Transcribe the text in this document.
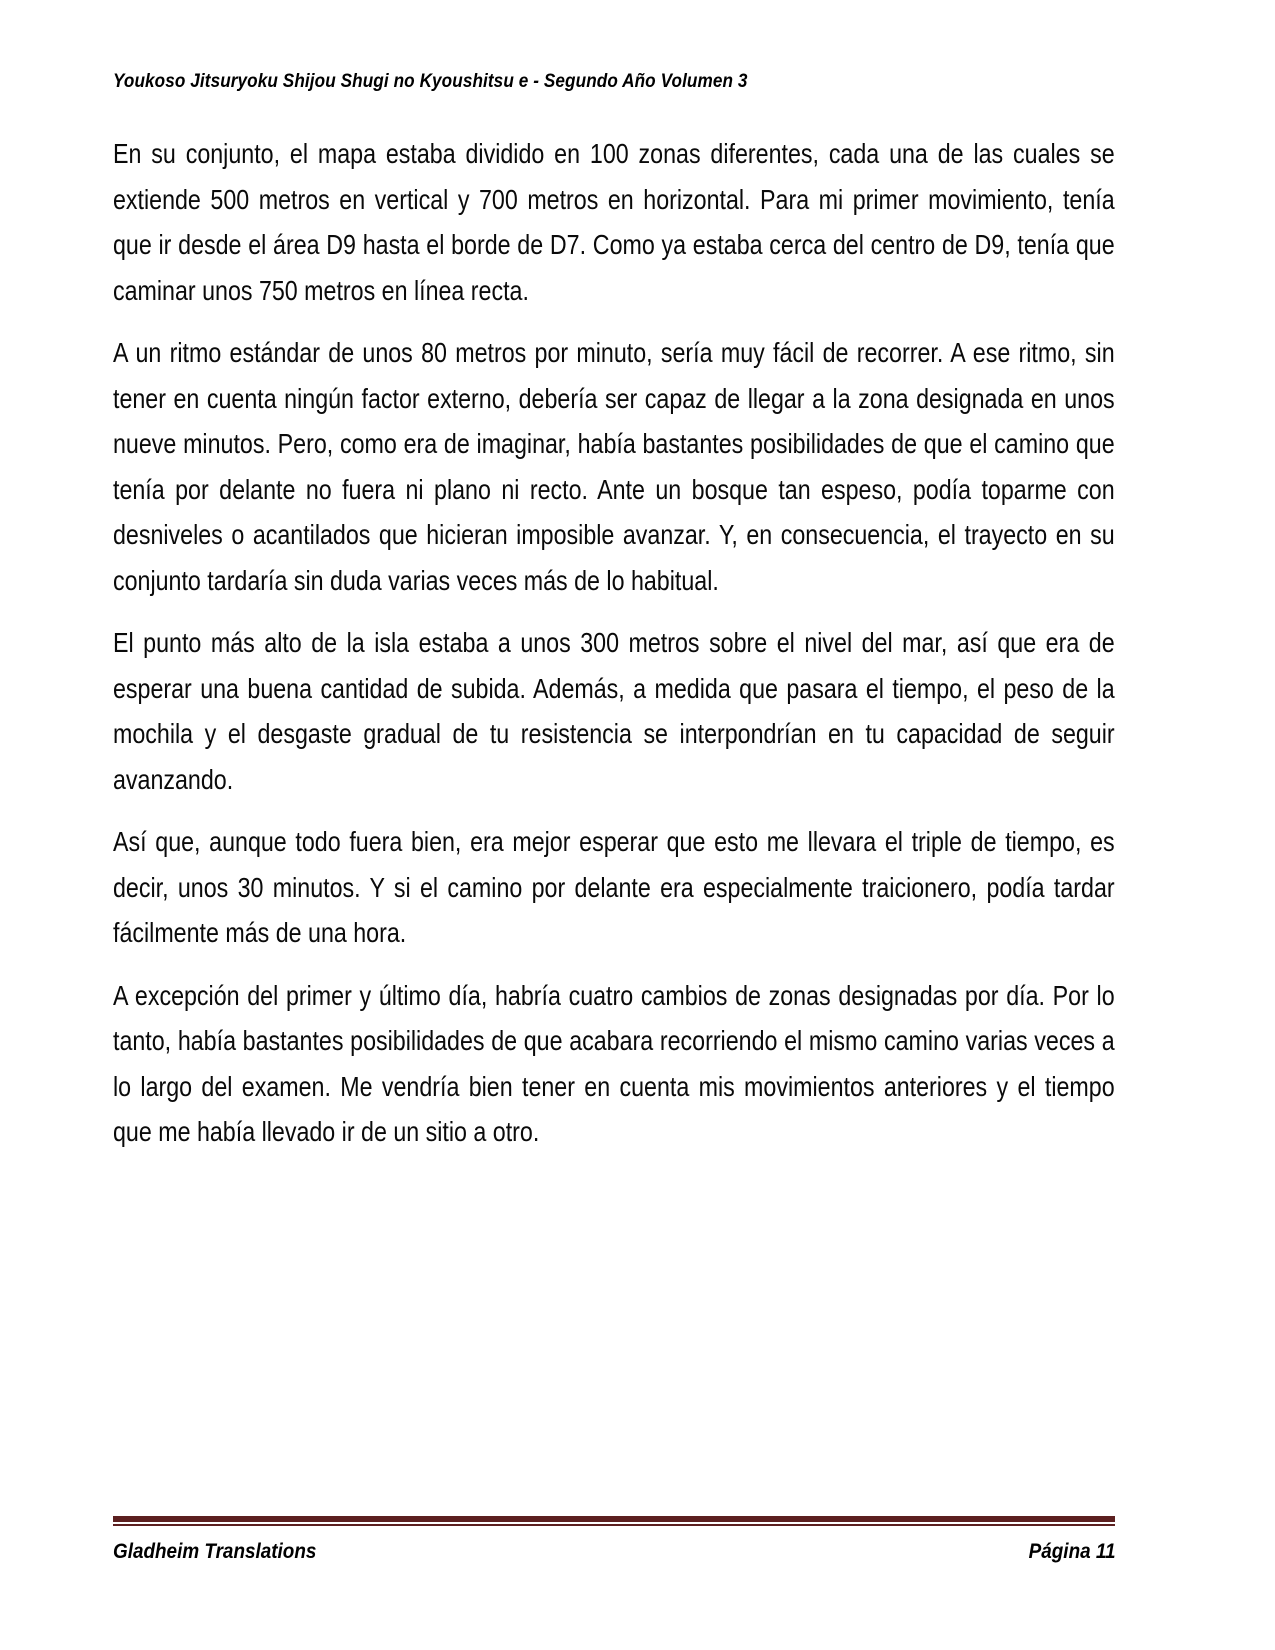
Youkoso Jitsuryoku Shijou Shugi no Kyoushitsu e - Segundo Año Volumen 3

En su conjunto, el mapa estaba dividido en 100 zonas diferentes, cada una de las cuales se extiende 500 metros en vertical y 700 metros en horizontal. Para mi primer movimiento, tenía que ir desde el área D9 hasta el borde de D7. Como ya estaba cerca del centro de D9, tenía que caminar unos 750 metros en línea recta.

A un ritmo estándar de unos 80 metros por minuto, sería muy fácil de recorrer. A ese ritmo, sin tener en cuenta ningún factor externo, debería ser capaz de llegar a la zona designada en unos nueve minutos. Pero, como era de imaginar, había bastantes posibilidades de que el camino que tenía por delante no fuera ni plano ni recto. Ante un bosque tan espeso, podía toparme con desniveles o acantilados que hicieran imposible avanzar. Y, en consecuencia, el trayecto en su conjunto tardaría sin duda varias veces más de lo habitual.

El punto más alto de la isla estaba a unos 300 metros sobre el nivel del mar, así que era de esperar una buena cantidad de subida. Además, a medida que pasara el tiempo, el peso de la mochila y el desgaste gradual de tu resistencia se interpondrían en tu capacidad de seguir avanzando.

Así que, aunque todo fuera bien, era mejor esperar que esto me llevara el triple de tiempo, es decir, unos 30 minutos. Y si el camino por delante era especialmente traicionero, podía tardar fácilmente más de una hora.

A excepción del primer y último día, habría cuatro cambios de zonas designadas por día. Por lo tanto, había bastantes posibilidades de que acabara recorriendo el mismo camino varias veces a lo largo del examen. Me vendría bien tener en cuenta mis movimientos anteriores y el tiempo que me había llevado ir de un sitio a otro.

Gladheim Translations	Página 11
